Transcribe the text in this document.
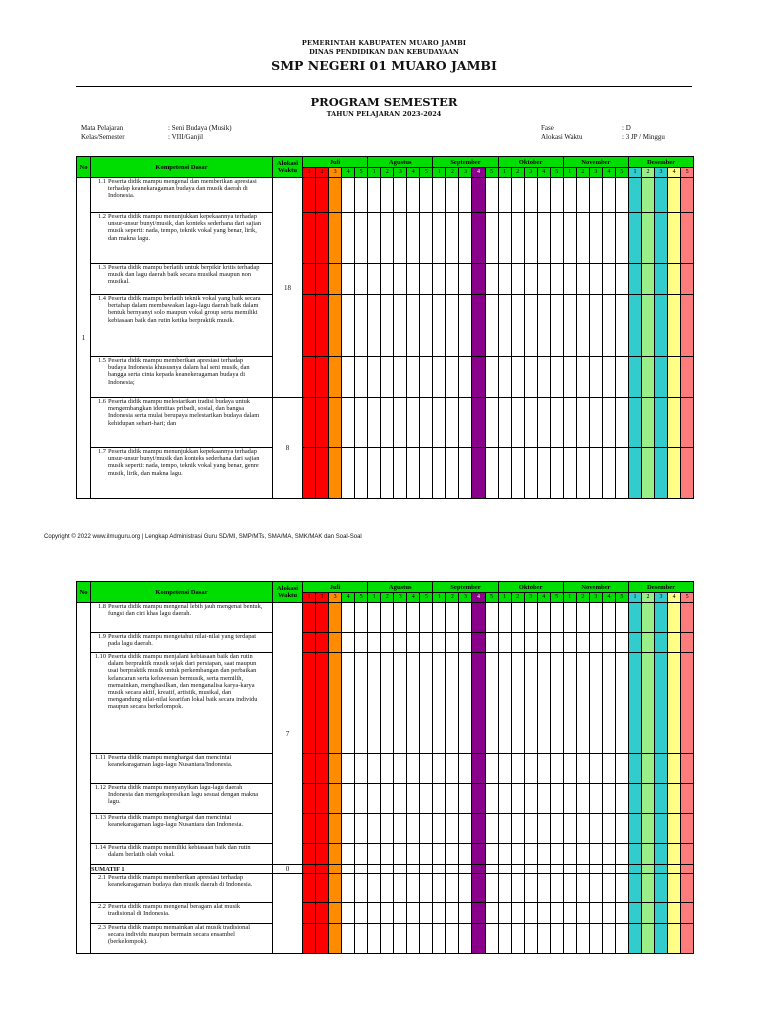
PEMERINTAH KABUPATEN MUARO JAMBI
DINAS PENDIDIKAN DAN KEBUDAYAAN
SMP NEGERI 01 MUARO JAMBI
PROGRAM SEMESTER
TAHUN PELAJARAN 2023-2024
Mata Pelajaran
Kelas/Semester
: Seni Budaya (Musik)
: VIII/Ganjil
Fase
Alokasi Waktu
: D
: 3 JP / Minggu
No	Kompetensi Dasar	Alokasi Waktu	Juli					Agustus					September					Oktober					November					Desember				
			1	2	3	4	5	1	2	3	4	5	1	2	3	4	5	1	2	3	4	5	1	2	3	4	5	1	2	3	4	5
1	1.1 Peserta didik mampu mengenal dan memberikan apresiasi terhadap keanekaragaman budaya dan musik daerah di Indonesia.	18																														
	1.2 Peserta didik mampu menunjukkan kepekaannya terhadap unsur-unsur bunyi/musik, dan konteks sederhana dari sajian musik seperti: nada, tempo, teknik vokal yang benar, lirik, dan makna lagu.																															
	1.3 Peserta didik mampu berlatih untuk berpikir kritis terhadap musik dan lagu daerah baik secara musikal maupun non musikal.																															
	1.4 Peserta didik mampu berlatih teknik vokal yang baik secara bertahap dalam membawakan lagu-lagu daerah baik dalam bentuk bernyanyi solo maupun vokal group serta memiliki kebiasaan baik dan rutin ketika berpraktik musik.																															
	1.5 Peserta didik mampu memberikan apresiasi terhadap budaya Indonesia khususnya dalam hal seni musik, dan bangga serta cinta kepada keanekeragaman budaya di Indonesia;																															
	1.6 Peserta didik mampu melestarikan tradisi budaya untuk mengembangkan identitas pribadi, sosial, dan bangsa Indonesia serta mulai berupaya melestarikan budaya dalam kehidupan sehari-hari; dan	8																														
	1.7 Peserta didik mampu menunjukkan kepekaannya terhadap unsur-unsur bunyi/musik dan konteks sederhana dari sajian musik seperti: nada, tempo, teknik vokal yang benar, genre musik, lirik, dan makna lagu.																															
Copyright © 2022 www.ilmuguru.org | Lengkap Administrasi Guru SD/MI, SMP/MTs, SMA/MA, SMK/MAK dan Soal-Soal
No	Kompetensi Dasar	Alokasi Waktu	Juli					Agustus					September					Oktober					November					Desember				
			1	2	3	4	5	1	2	3	4	5	1	2	3	4	5	1	2	3	4	5	1	2	3	4	5	1	2	3	4	5
	1.8 Peserta didik mampu mengenal lebih jauh mengenai bentuk, fungsi dan ciri khas lagu daerah.	7																														
	1.9 Peserta didik mampu mengetahui nilai-nilai yang terdapat pada lagu daerah.																															
	1.10 Peserta didik mampu menjalani kebiasaan baik dan rutin dalam berpraktik musik sejak dari persiapan, saat maupun usai berpraktik musik untuk perkembangan dan perbaikan kelancaran serta keluwesan bermusik, serta memilih, memainkan, menghasilkan, dan menganalisa karya-karya musik secara aktif, kreatif, artistik, musikal, dan mengandung nilai-nilai kearifan lokal baik secara individu maupun secara berkelompok.																															
	1.11 Peserta didik mampu menghargai dan mencintai keanekaragaman lagu-lagu Nusantara/Indonesia.																															
	1.12 Peserta didik mampu menyanyikan lagu-lagu daerah Indonesia dan mengekspresikan lagu sesuai dengan makna lagu.																															
	1.13 Peserta didik mampu menghargai dan mencintai keanekaragaman lagu-lagu Nusantara dan Indonesia.																															
	1.14 Peserta didik mampu memiliki kebiasaan baik dan rutin dalam berlatih olah vokal.																															
	SUMATIF 1	0																														
	2.1 Peserta didik mampu memberikan apresiasi terhadap keanekaragaman budaya dan musik daerah di Indonesia.																															
	2.2 Peserta didik mampu mengenal beragam alat musik tradisional di Indonesia.																															
	2.3 Peserta didik mampu memainkan alat musik tradisional secara individu maupun bermain secara ensambel (berkelompok).																															
